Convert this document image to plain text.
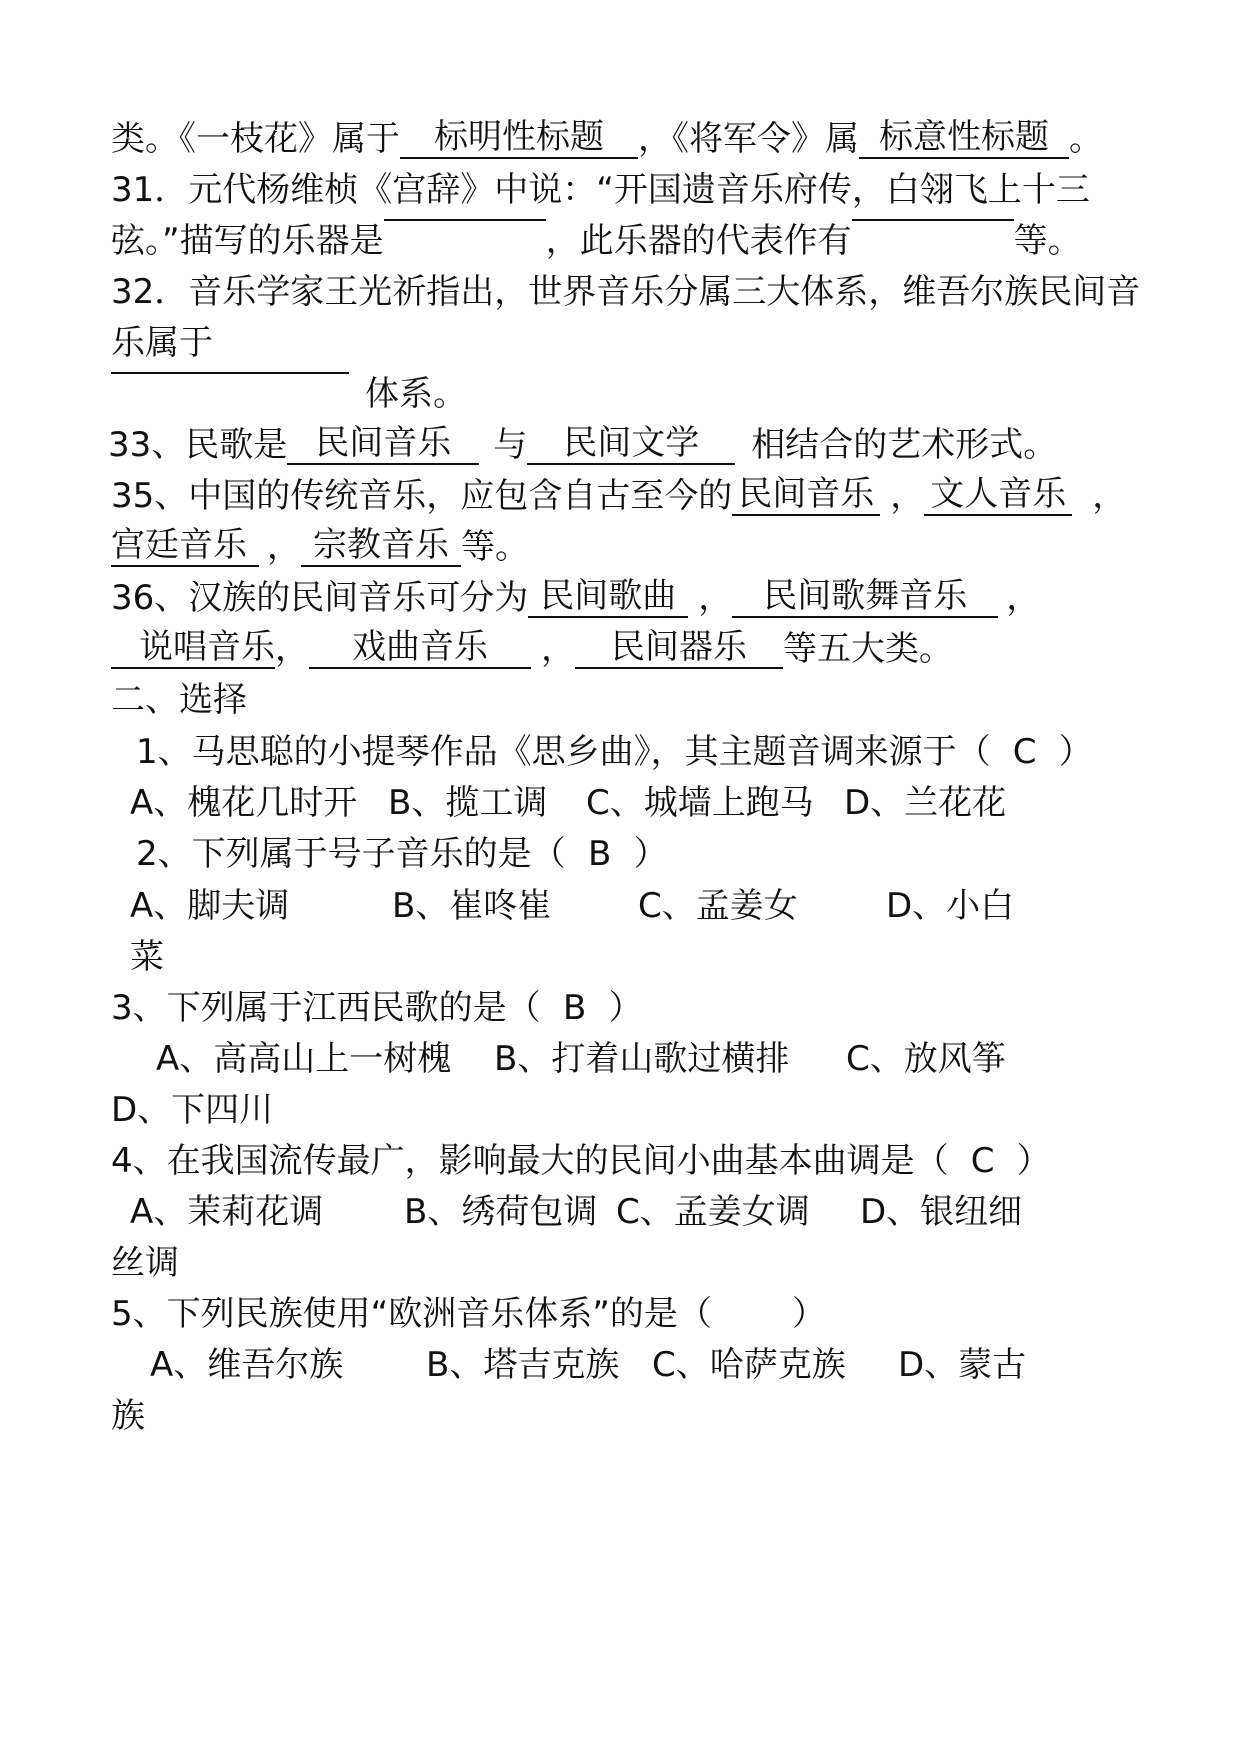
类。《一枝花》属于 标明性标题 ，《将军令》属 标意性标题 。
31．元代杨维桢《宫辞》中说：“开国遗音乐府传，白翎飞上十三
弦。”描写的乐器是	，此乐器的代表作有	等。
32．音乐学家王光祈指出，世界音乐分属三大体系，维吾尔族民间音
乐属于
体系。
33、民歌是 民间音乐 与 民间文学 相结合的艺术形式。
35、中国的传统音乐，应包含自古至今的 民间音乐 ， 文人音乐 ，
宫廷音乐 ， 宗教音乐 等。
36、汉族的民间音乐可分为 民间歌曲 ， 民间歌舞音乐 ，
说唱音乐， 戏曲音乐 ， 民间器乐 等五大类。
二、选择
1、马思聪的小提琴作品《思乡曲》，其主题音调来源于（ C ）
A、槐花几时开 B、揽工调 C、城墙上跑马 D、兰花花
2、下列属于号子音乐的是（ B ）
A、脚夫调	B、崔咚崔	C、孟姜女	D、小白
菜
3、下列属于江西民歌的是（ B ）
A、高高山上一树槐 B、打着山歌过横排 C、放风筝
D、下四川
4、在我国流传最广，影响最大的民间小曲基本曲调是（ C ）
A、茉莉花调 B、绣荷包调 C、孟姜女调 D、银纽细
丝调
5、下列民族使用“欧洲音乐体系”的是（ ）
A、维吾尔族 B、塔吉克族 C、哈萨克族 D、蒙古
族
